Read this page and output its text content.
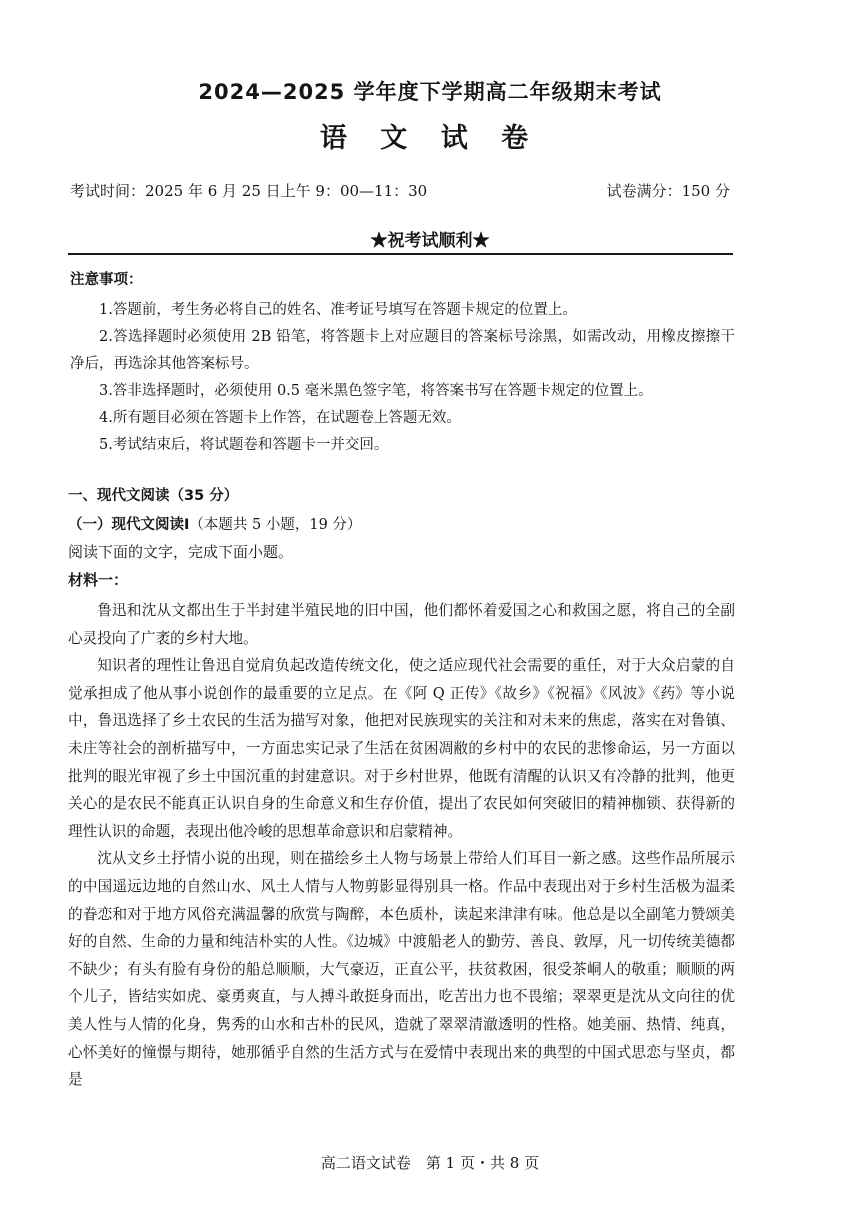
2024—2025 学年度下学期高二年级期末考试
语 文 试 卷
考试时间：2025 年 6 月 25 日上午 9：00—11：30	试卷满分：150 分
★祝考试顺利★
注意事项：

1.答题前，考生务必将自己的姓名、准考证号填写在答题卡规定的位置上。

2.答选择题时必须使用 2B 铅笔，将答题卡上对应题目的答案标号涂黑，如需改动，用橡皮擦擦干净后，再选涂其他答案标号。

3.答非选择题时，必须使用 0.5 毫米黑色签字笔，将答案书写在答题卡规定的位置上。

4.所有题目必须在答题卡上作答，在试题卷上答题无效。

5.考试结束后，将试题卷和答题卡一并交回。

一、现代文阅读（35 分）
（一）现代文阅读Ⅰ（本题共 5 小题，19 分）
阅读下面的文字，完成下面小题。
材料一：

鲁迅和沈从文都出生于半封建半殖民地的旧中国，他们都怀着爱国之心和救国之愿，将自己的全副心灵投向了广袤的乡村大地。

知识者的理性让鲁迅自觉肩负起改造传统文化，使之适应现代社会需要的重任，对于大众启蒙的自觉承担成了他从事小说创作的最重要的立足点。在《阿 Q 正传》《故乡》《祝福》《风波》《药》等小说中，鲁迅选择了乡土农民的生活为描写对象，他把对民族现实的关注和对未来的焦虑，落实在对鲁镇、未庄等社会的剖析描写中，一方面忠实记录了生活在贫困凋敝的乡村中的农民的悲惨命运，另一方面以批判的眼光审视了乡土中国沉重的封建意识。对于乡村世界，他既有清醒的认识又有冷静的批判，他更关心的是农民不能真正认识自身的生命意义和生存价值，提出了农民如何突破旧的精神枷锁、获得新的理性认识的命题，表现出他冷峻的思想革命意识和启蒙精神。

沈从文乡土抒情小说的出现，则在描绘乡土人物与场景上带给人们耳目一新之感。这些作品所展示的中国遥远边地的自然山水、风土人情与人物剪影显得别具一格。作品中表现出对于乡村生活极为温柔的眷恋和对于地方风俗充满温馨的欣赏与陶醉，本色质朴，读起来津津有味。他总是以全副笔力赞颂美好的自然、生命的力量和纯洁朴实的人性。《边城》中渡船老人的勤劳、善良、敦厚，凡一切传统美德都不缺少；有头有脸有身份的船总顺顺，大气豪迈，正直公平，扶贫救困，很受茶峒人的敬重；顺顺的两个儿子，皆结实如虎、豪勇爽直，与人搏斗敢挺身而出，吃苦出力也不畏缩；翠翠更是沈从文向往的优美人性与人情的化身，隽秀的山水和古朴的民风，造就了翠翠清澈透明的性格。她美丽、热情、纯真，心怀美好的憧憬与期待，她那循乎自然的生活方式与在爱情中表现出来的典型的中国式思恋与坚贞，都是

高二语文试卷　第 1 页・共 8 页
